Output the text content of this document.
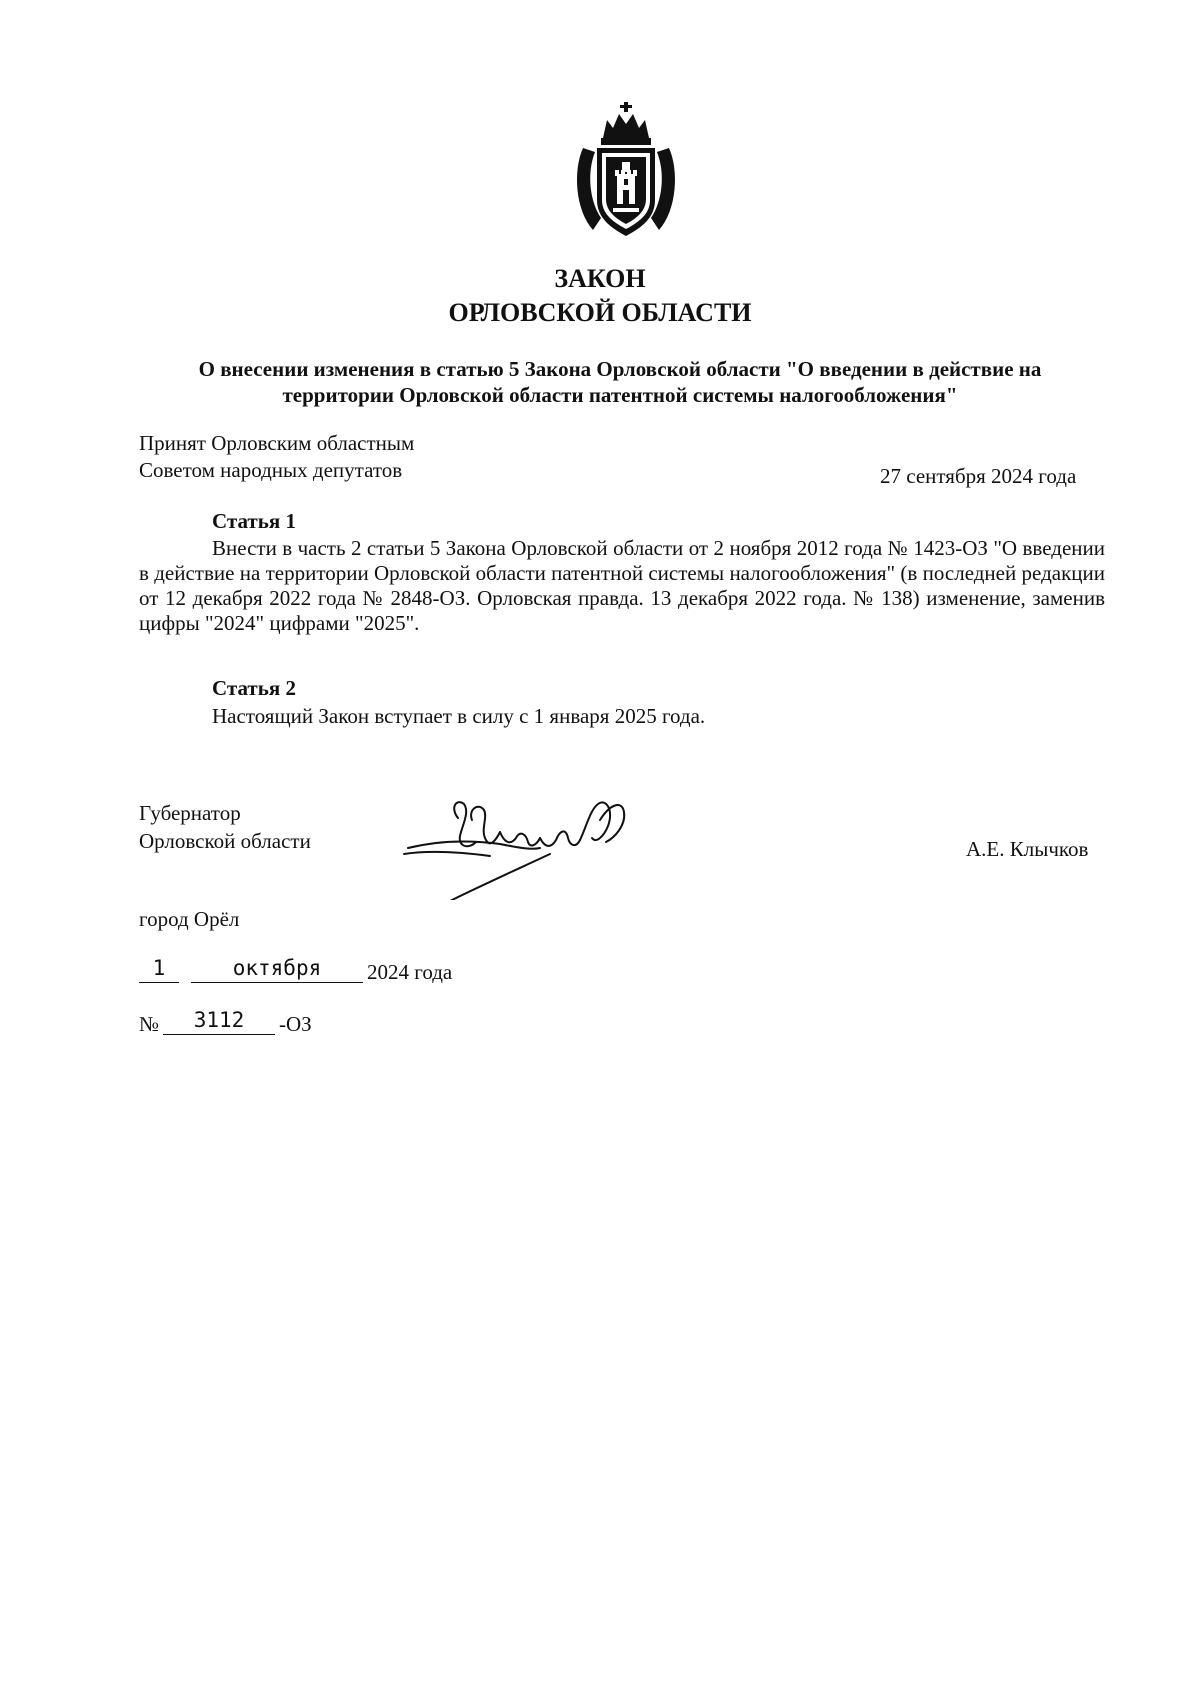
ЗАКОН
ОРЛОВСКОЙ ОБЛАСТИ
О внесении изменения в статью 5 Закона Орловской области "О введении в действие на территории Орловской области патентной системы налогообложения"
Принят Орловским областным
Советом народных депутатов	27 сентября 2024 года
Статья 1
Внести в часть 2 статьи 5 Закона Орловской области от 2 ноября 2012 года № 1423-ОЗ "О введении в действие на территории Орловской области патентной системы налогообложения" (в последней редакции от 12 декабря 2022 года № 2848-ОЗ. Орловская правда. 13 декабря 2022 года. № 138) изменение, заменив цифры "2024" цифрами "2025".
Статья 2
Настоящий Закон вступает в силу с 1 января 2025 года.
Губернатор
Орловской области	А.Е. Клычков
город Орёл
1	октября	2024 года
№	3112	-ОЗ
